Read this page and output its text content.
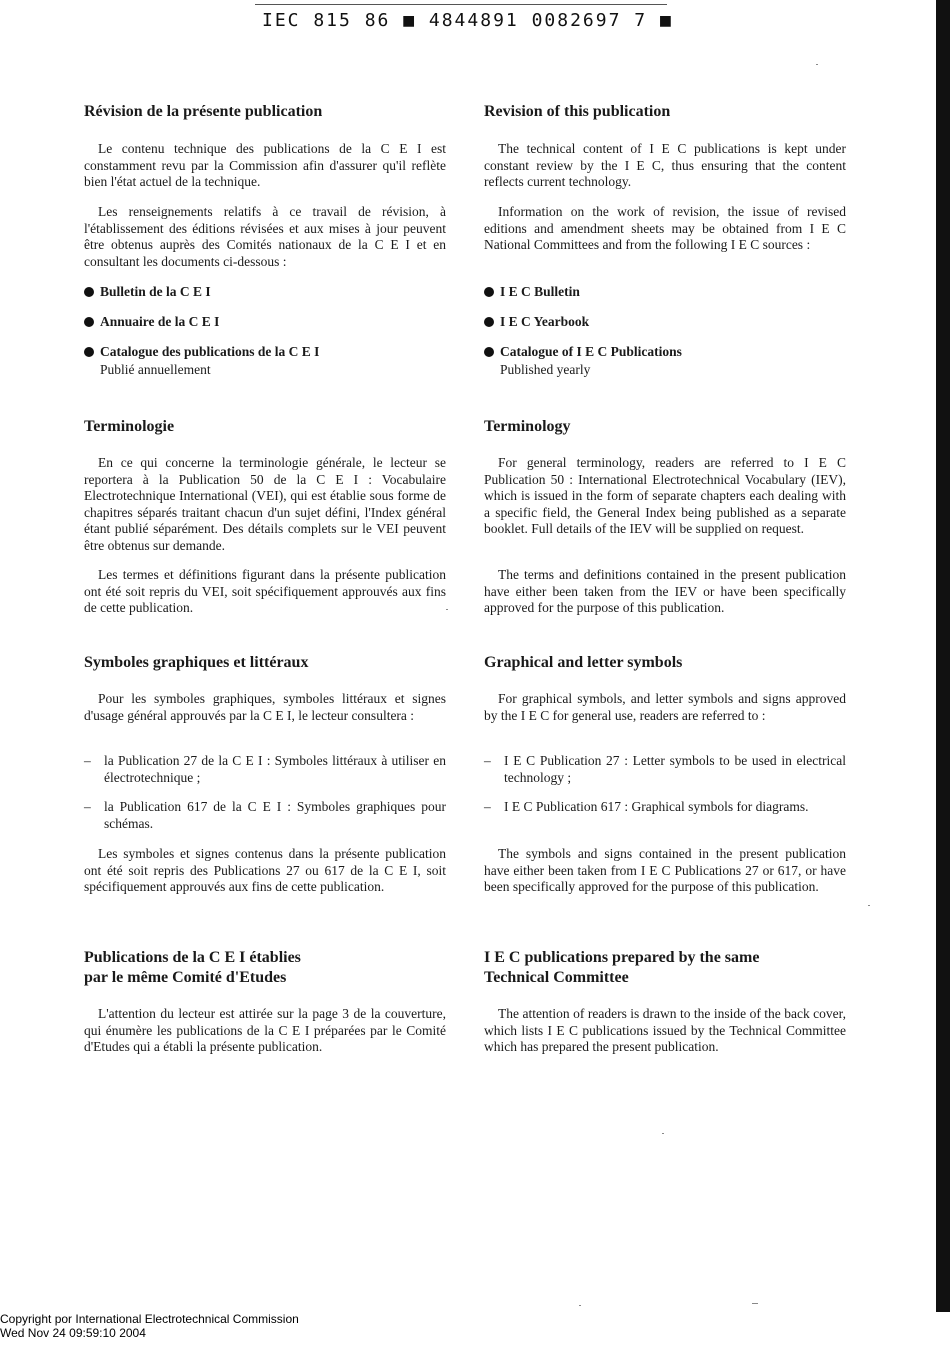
IEC 815 86 ■ 4844891 0082697 7 ■
Révision de la présente publication

Le contenu technique des publications de la C E I est constamment revu par la Commission afin d'assurer qu'il reflète bien l'état actuel de la technique.

Les renseignements relatifs à ce travail de révision, à l'établissement des éditions révisées et aux mises à jour peuvent être obtenus auprès des Comités nationaux de la C E I et en consultant les documents ci-dessous :

Bulletin de la C E I
Annuaire de la C E I
Catalogue des publications de la C E I
Publié annuellement
Terminologie

En ce qui concerne la terminologie générale, le lecteur se reportera à la Publication 50 de la C E I : Vocabulaire Electrotechnique International (VEI), qui est établie sous forme de chapitres séparés traitant chacun d'un sujet défini, l'Index général étant publié séparément. Des détails complets sur le VEI peuvent être obtenus sur demande.

Les termes et définitions figurant dans la présente publication ont été soit repris du VEI, soit spécifiquement approuvés aux fins de cette publication.

Symboles graphiques et littéraux

Pour les symboles graphiques, symboles littéraux et signes d'usage général approuvés par la C E I, le lecteur consultera :

– la Publication 27 de la C E I : Symboles littéraux à utiliser en électrotechnique ;
– la Publication 617 de la C E I : Symboles graphiques pour schémas.

Les symboles et signes contenus dans la présente publication ont été soit repris des Publications 27 ou 617 de la C E I, soit spécifiquement approuvés aux fins de cette publication.

Publications de la C E I établies
par le même Comité d'Etudes

L'attention du lecteur est attirée sur la page 3 de la couverture, qui énumère les publications de la C E I préparées par le Comité d'Etudes qui a établi la présente publication.

Revision of this publication

The technical content of I E C publications is kept under constant review by the I E C, thus ensuring that the content reflects current technology.

Information on the work of revision, the issue of revised editions and amendment sheets may be obtained from I E C National Committees and from the following I E C sources :

I E C Bulletin
I E C Yearbook
Catalogue of I E C Publications
Published yearly
Terminology

For general terminology, readers are referred to I E C Publication 50 : International Electrotechnical Vocabulary (IEV), which is issued in the form of separate chapters each dealing with a specific field, the General Index being published as a separate booklet. Full details of the IEV will be supplied on request.

The terms and definitions contained in the present publication have either been taken from the IEV or have been specifically approved for the purpose of this publication.

Graphical and letter symbols

For graphical symbols, and letter symbols and signs approved by the I E C for general use, readers are referred to :

– I E C Publication 27 : Letter symbols to be used in electrical technology ;
– I E C Publication 617 : Graphical symbols for diagrams.

The symbols and signs contained in the present publication have either been taken from I E C Publications 27 or 617, or have been specifically approved for the purpose of this publication.

I E C publications prepared by the same
Technical Committee

The attention of readers is drawn to the inside of the back cover, which lists I E C publications issued by the Technical Committee which has prepared the present publication.

Copyright por International Electrotechnical Commission
Wed Nov 24 09:59:10 2004
